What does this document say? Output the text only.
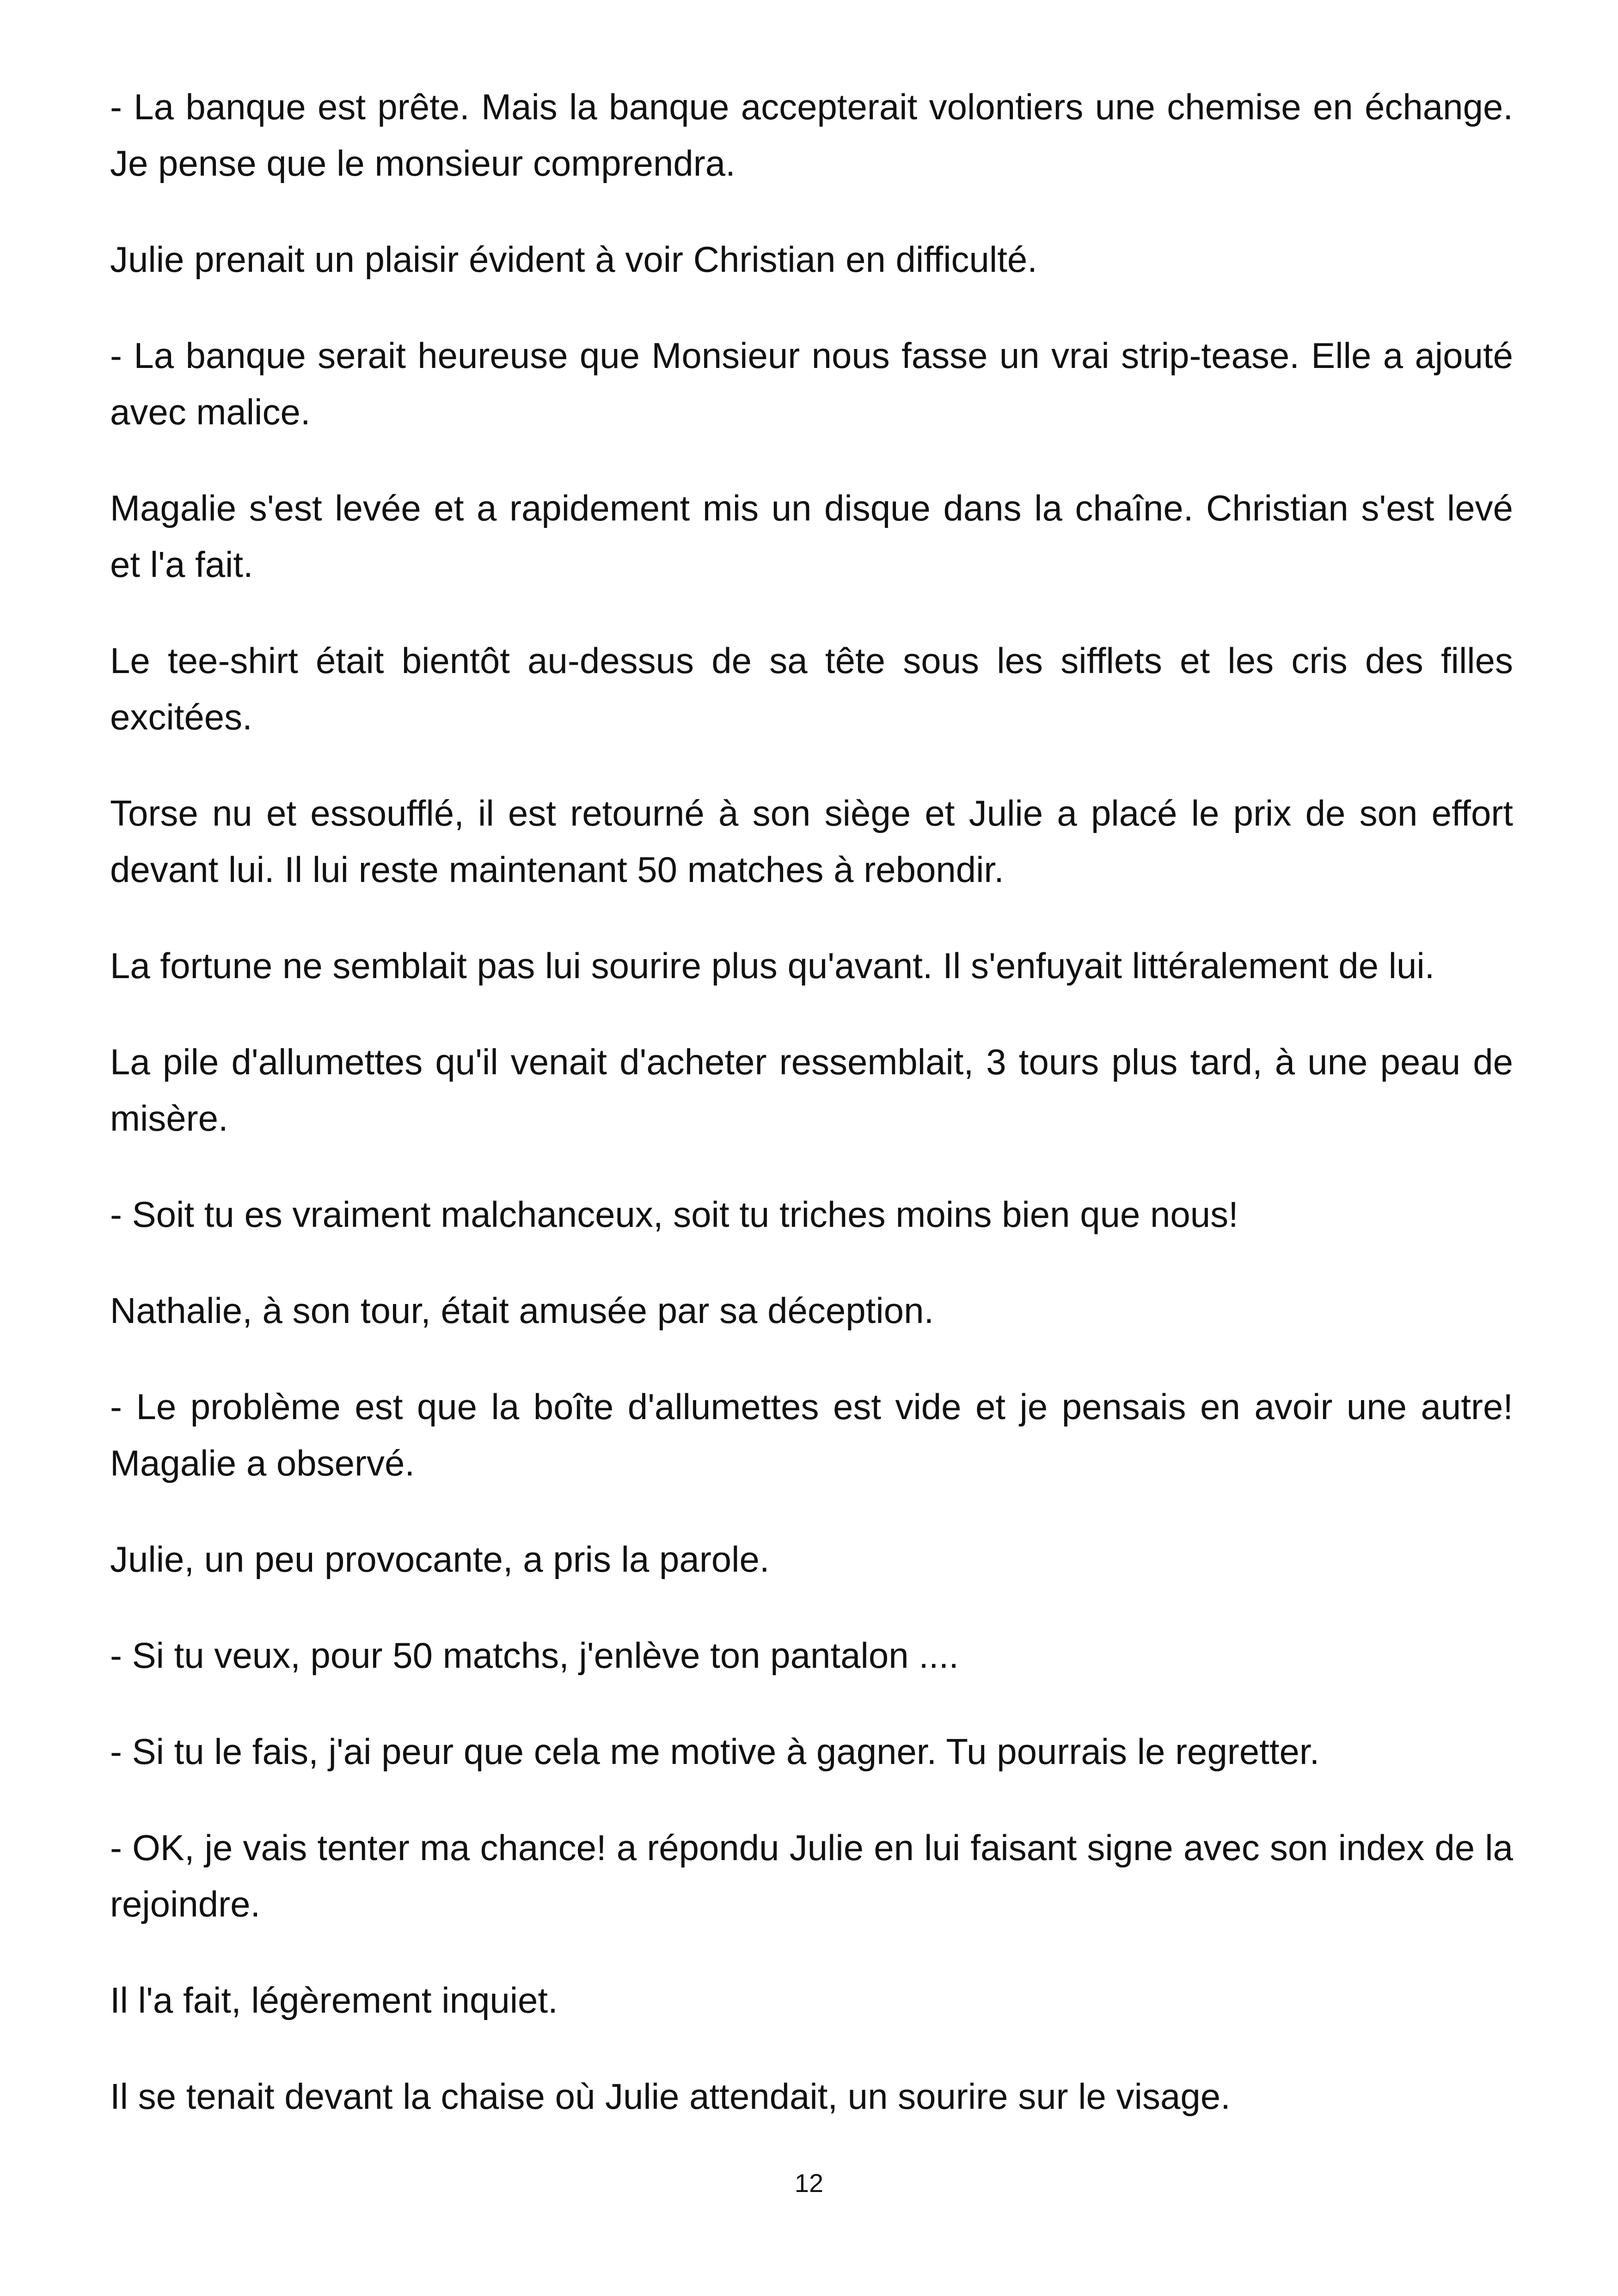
- La banque est prête. Mais la banque accepterait volontiers une chemise en échange. Je pense que le monsieur comprendra.

Julie prenait un plaisir évident à voir Christian en difficulté.

- La banque serait heureuse que Monsieur nous fasse un vrai strip-tease. Elle a ajouté avec malice.

Magalie s'est levée et a rapidement mis un disque dans la chaîne. Christian s'est levé et l'a fait.

Le tee-shirt était bientôt au-dessus de sa tête sous les sifflets et les cris des filles excitées.

Torse nu et essoufflé, il est retourné à son siège et Julie a placé le prix de son effort devant lui. Il lui reste maintenant 50 matches à rebondir.

La fortune ne semblait pas lui sourire plus qu'avant. Il s'enfuyait littéralement de lui.

La pile d'allumettes qu'il venait d'acheter ressemblait, 3 tours plus tard, à une peau de misère.

- Soit tu es vraiment malchanceux, soit tu triches moins bien que nous!

Nathalie, à son tour, était amusée par sa déception.

- Le problème est que la boîte d'allumettes est vide et je pensais en avoir une autre! Magalie a observé.

Julie, un peu provocante, a pris la parole.

- Si tu veux, pour 50 matchs, j'enlève ton pantalon ....

- Si tu le fais, j'ai peur que cela me motive à gagner. Tu pourrais le regretter.

- OK, je vais tenter ma chance! a répondu Julie en lui faisant signe avec son index de la rejoindre.

Il l'a fait, légèrement inquiet.

Il se tenait devant la chaise où Julie attendait, un sourire sur le visage.

12
